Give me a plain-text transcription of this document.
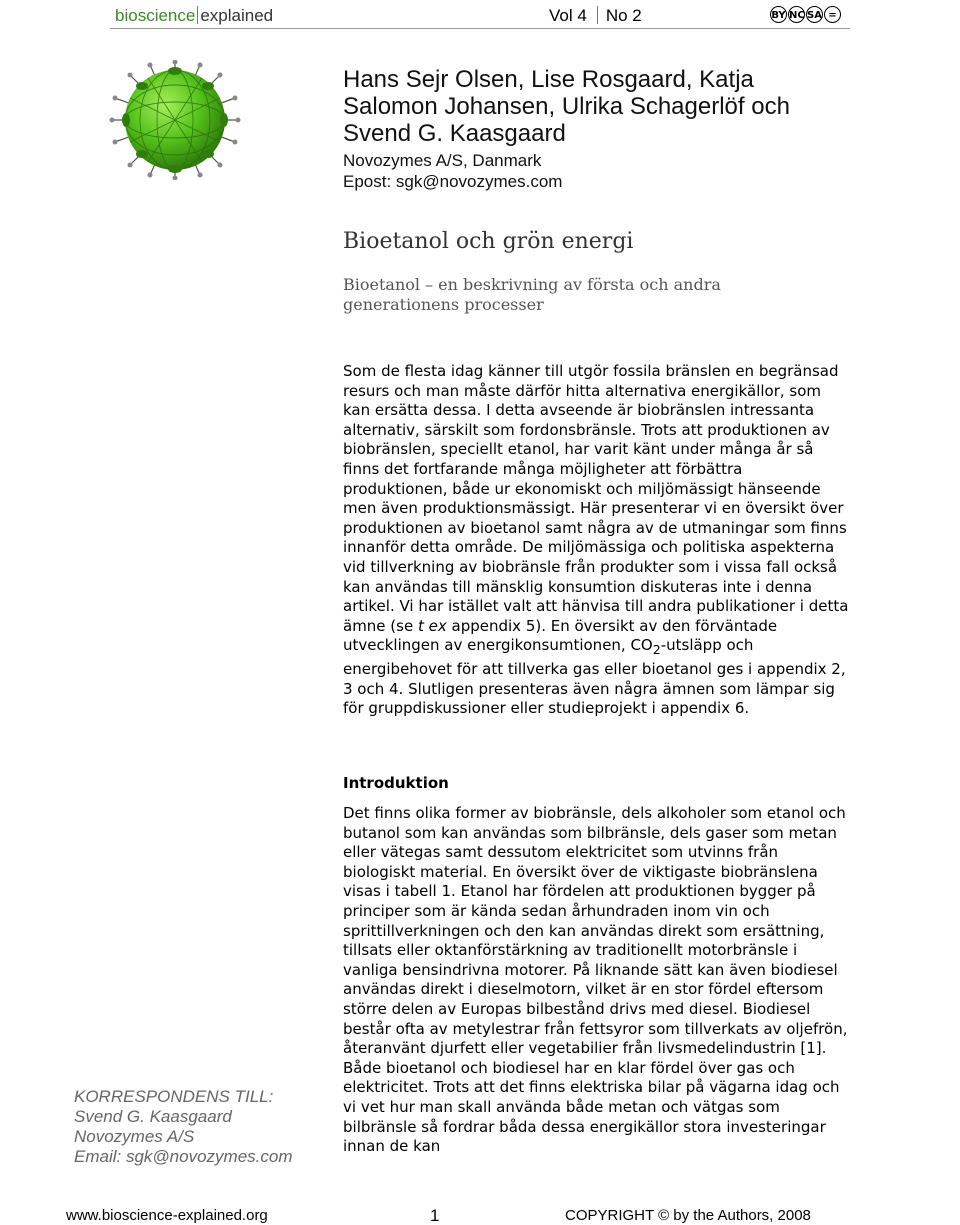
bioscience explained	Vol 4 No 2	BY NC SA =
Hans Sejr Olsen, Lise Rosgaard, Katja
Salomon Johansen, Ulrika Schagerlöf och
Svend G. Kaasgaard
Novozymes A/S, Danmark
Epost: sgk@novozymes.com
Bioetanol och grön energi
Bioetanol – en beskrivning av första och andra generationens processer
Som de flesta idag känner till utgör fossila bränslen en begränsad resurs och man måste därför hitta alternativa energikällor, som kan ersätta dessa. I detta avseende är biobränslen intressanta alternativ, särskilt som fordonsbränsle. Trots att produktionen av biobränslen, speciellt etanol, har varit känt under många år så finns det fortfarande många möjligheter att förbättra produktionen, både ur ekonomiskt och miljömässigt hänseende men även produktionsmässigt. Här presenterar vi en översikt över produktionen av bioetanol samt några av de utmaningar som finns innanför detta område. De miljömässiga och politiska aspekterna vid tillverkning av biobränsle från produkter som i vissa fall också kan användas till mänsklig konsumtion diskuteras inte i denna artikel. Vi har istället valt att hänvisa till andra publikationer i detta ämne (se t ex appendix 5). En översikt av den förväntade utvecklingen av energikonsumtionen, $CO_2$-utsläpp och energibehovet för att tillverka gas eller bioetanol ges i appendix 2, 3 och 4. Slutligen presenteras även några ämnen som lämpar sig för gruppdiskussioner eller studieprojekt i appendix 6.
Introduktion
Det finns olika former av biobränsle, dels alkoholer som etanol och butanol som kan användas som bilbränsle, dels gaser som metan eller vätegas samt dessutom elektricitet som utvinns från biologiskt material. En översikt över de viktigaste biobränslena visas i tabell 1. Etanol har fördelen att produktionen bygger på principer som är kända sedan århundraden inom vin och sprittillverkningen och den kan användas direkt som ersättning, tillsats eller oktanförstärkning av traditionellt motorbränsle i vanliga bensindrivna motorer. På liknande sätt kan även biodiesel användas direkt i dieselmotorn, vilket är en stor fördel eftersom större delen av Europas bilbestånd drivs med diesel. Biodiesel består ofta av metylestrar från fettsyror som tillverkats av oljefrön, återanvänt djurfett eller vegetabilier från livsmedelindustrin [1]. Både bioetanol och biodiesel har en klar fördel över gas och elektricitet. Trots att det finns elektriska bilar på vägarna idag och vi vet hur man skall använda både metan och vätgas som bilbränsle så fordrar båda dessa energikällor stora investeringar innan de kan
KORRESPONDENS TILL:
Svend G. Kaasgaard
Novozymes A/S
Email: sgk@novozymes.com
www.bioscience-explained.org	1	COPYRIGHT © by the Authors, 2008
